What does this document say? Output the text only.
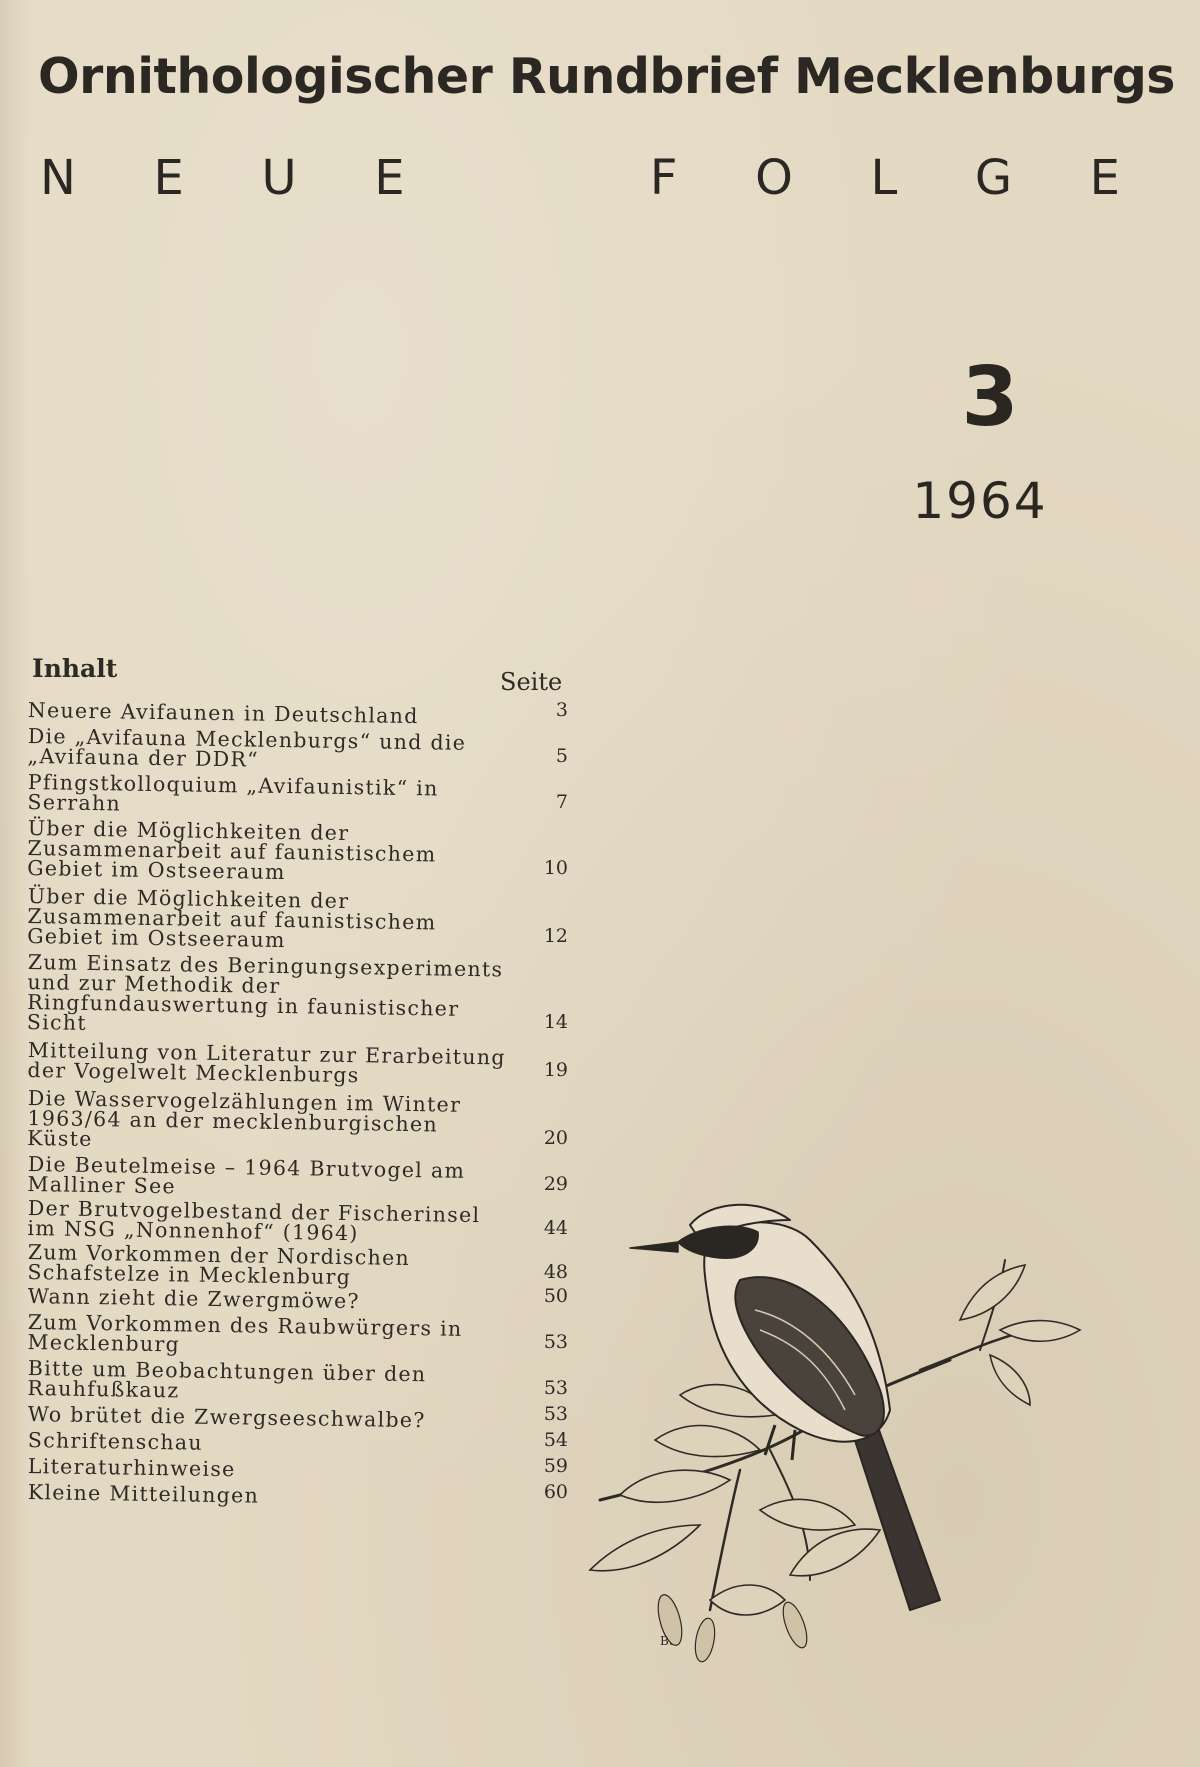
Ornithologischer Rundbrief Mecklenburgs
N E U E	F O L G E
3
1964
Inhalt	Seite
Neuere Avifaunen in Deutschland	3
Die „Avifauna Mecklenburgs“ und die „Avifauna der DDR“	5
Pfingstkolloquium „Avifaunistik“ in Serrahn	7
Über die Möglichkeiten der Zusammenarbeit auf faunistischem Gebiet im Ostseeraum	10
Über die Möglichkeiten der Zusammenarbeit auf faunistischem Gebiet im Ostseeraum	12
Zum Einsatz des Beringungsexperiments und zur Methodik der Ringfundauswertung in faunistischer Sicht	14
Mitteilung von Literatur zur Erarbeitung der Vogelwelt Mecklenburgs	19
Die Wasservogelzählungen im Winter 1963/64 an der mecklenburgischen Küste	20
Die Beutelmeise – 1964 Brutvogel am Malliner See	29
Der Brutvogelbestand der Fischerinsel im NSG „Nonnenhof“ (1964)	44
Zum Vorkommen der Nordischen Schafstelze in Mecklenburg	48
Wann zieht die Zwergmöwe?	50
Zum Vorkommen des Raubwürgers in Mecklenburg	53
Bitte um Beobachtungen über den Rauhfußkauz	53
Wo brütet die Zwergseeschwalbe?	53
Schriftenschau	54
Literaturhinweise	59
Kleine Mitteilungen	60
B.
